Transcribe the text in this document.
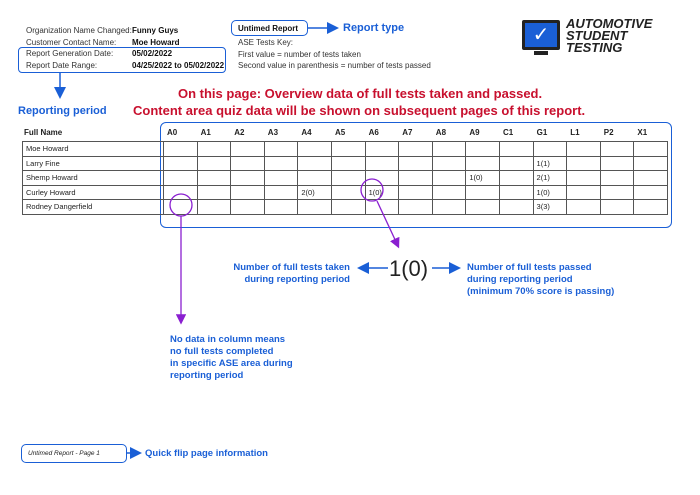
Organization Name Changed: Funny Guys
Customer Contact Name: Moe Howard
Report Generation Date: 05/02/2022
Report Date Range:	04/25/2022 to 05/02/2022
Untimed Report	Report type
ASE Tests Key:
First value = number of tests taken
Second value in parenthesis = number of tests passed
Reporting period
✓
AUTOMOTIVE
STUDENT
TESTING
On this page: Overview data of full tests taken and passed.
Content area quiz data will be shown on subsequent pages of this report.
Full Name	A0	A1	A2	A3	A4	A5	A6	A7	A8	A9	C1	G1	L1	P2	X1
Moe Howard															
Larry Fine												1(1)			
Shemp Howard										1(0)		2(1)			
Curley Howard					2(0)		1(0)					1(0)			
Rodney Dangerfield												3(3)			
1(0)
Number of full tests taken
during reporting period
Number of full tests passed
during reporting period
(minimum 70% score is passing)
No data in column means
no full tests completed
in specific ASE area during
reporting period
Untimed Report - Page 1	Quick flip page information
